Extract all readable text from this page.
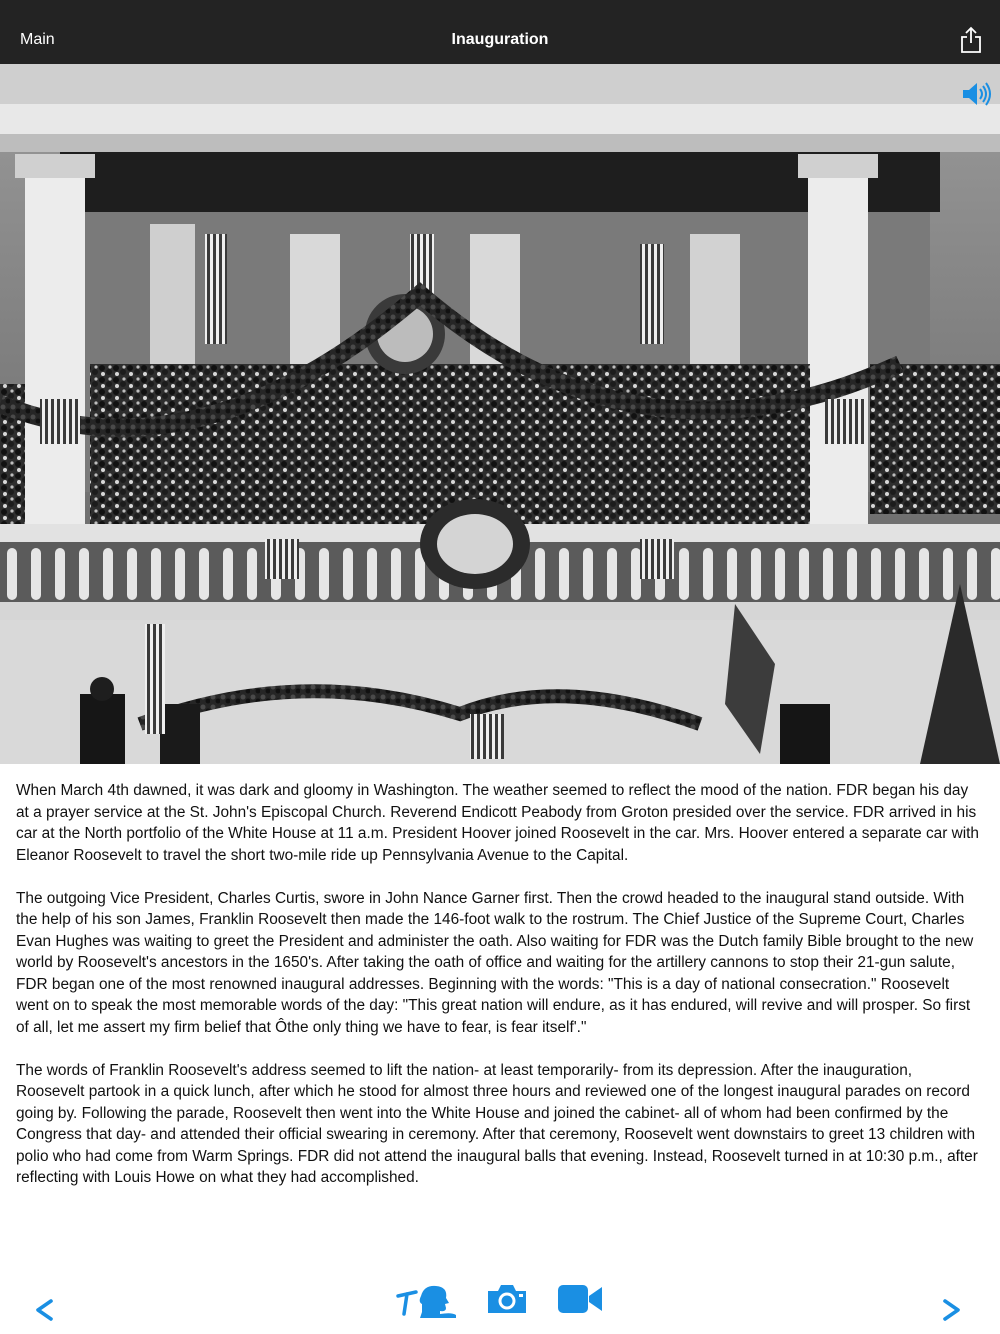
Main	Inauguration

When March 4th dawned, it was dark and gloomy in Washington. The weather seemed to reflect the mood of the nation. FDR began his day at a prayer service at the St. John's Episcopal Church. Reverend Endicott Peabody from Groton presided over the service. FDR arrived in his car at the North portfolio of the White House at 11 a.m. President Hoover joined Roosevelt in the car. Mrs. Hoover entered a separate car with Eleanor Roosevelt to travel the short two-mile ride up Pennsylvania Avenue to the Capital.

The outgoing Vice President, Charles Curtis, swore in John Nance Garner first. Then the crowd headed to the inaugural stand outside. With the help of his son James, Franklin Roosevelt then made the 146-foot walk to the rostrum. The Chief Justice of the Supreme Court, Charles Evan Hughes was waiting to greet the President and administer the oath. Also waiting for FDR was the Dutch family Bible brought to the new world by Roosevelt's ancestors in the 1650's. After taking the oath of office and waiting for the artillery cannons to stop their 21-gun salute, FDR began one of the most renowned inaugural addresses. Beginning with the words: "This is a day of national consecration." Roosevelt went on to speak the most memorable words of the day: "This great nation will endure, as it has endured, will revive and will prosper. So first of all, let me assert my firm belief that Ôthe only thing we have to fear, is fear itself'."

The words of Franklin Roosevelt's address seemed to lift the nation- at least temporarily- from its depression. After the inauguration, Roosevelt partook in a quick lunch, after which he stood for almost three hours and reviewed one of the longest inaugural parades on record going by. Following the parade, Roosevelt then went into the White House and joined the cabinet- all of whom had been confirmed by the Congress that day- and attended their official swearing in ceremony. After that ceremony, Roosevelt went downstairs to greet 13 children with polio who had come from Warm Springs. FDR did not attend the inaugural balls that evening. Instead, Roosevelt turned in at 10:30 p.m., after reflecting with Louis Howe on what they had accomplished.
